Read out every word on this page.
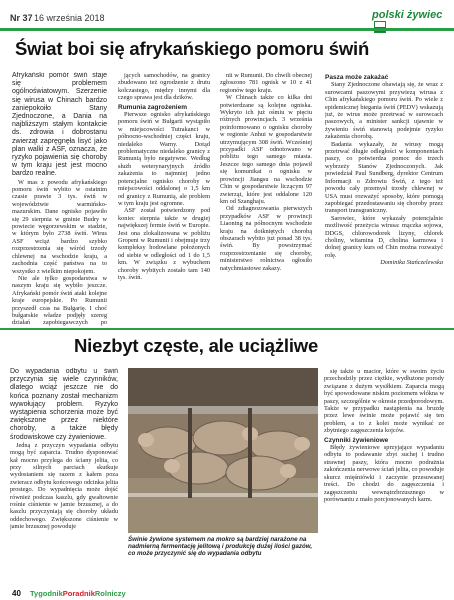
Nr 37 16 września 2018	polski żywiec
Świat boi się afrykańskiego pomoru świń

Afrykański pomór świń staje się problemem ogólnoświatowym. Szerzenie się wirusa w Chinach bardzo zaniepokoiło Stany Zjednoczone, a Dania na najbliższym stałym kontakcie ds. zdrowia i dobrostanu zwierząt zapręgnęła lisyć jako plan walki z ASF, oznacza, że ryzyko pojawienia się choroby w tym kraju jest jest mocno bardzo realne.

W mas z powodu afrykańskiego pomoru świń wybito w ostatnim czasie prawie 3 tys. świń w województwie warmińsko-mazurskim. Dane ognisko pojawiło się 29 sierpnia w gminie Budry w powiecie węgorzewskim w stadzie, w którym było 2738 świń. Wirus ASF wciąż bardzo szybko rozprzestrzenia się wśród trzody chlewnej na wschodzie kraju, a zachodnia część państwa na to wszystko z wielkim niepokojem.

Nie ale tylko gospodarstwa w naszym kraju się wybiło jeszcze. Afrykański pomór świń ataki kolejne kraje europejskie. Po Rumunii przyszedł czas na Bułgarię. I choć bułgarskie władze podjęły szereg działań zapobiegawczych po

jących samochodów, na granicy zbudowano też ogrodzenie z drutu kolczastego, między innymi dla czego sprawa jest dla dzików.

Rumunia zagrożeniem

Pierwsze ognisko afrykańskiego pomoru świń w Bułgarii wystąpiło w miejscowości Tutrakanci w północno-wschodniej części kraju, niedaleko Warny. Dotąd problematyczne niedaleko granicy z Rumunią było negatywne. Według służb weterynaryjnych źródło zakażenia to najmniej jedno potencjalne ognisko choroby w miejscowości oddalonej o 1,5 km od granicy z Rumunią, ale problem w tym kraju jest ogromne.

ASF został potwierdzony pod koniec sierpnia także w drugiej największej fermie świń w Europie. Jest ona zlokalizowana w pobliżu Gropeni w Rumunii i obejmuje trzy kompleksy hodowlane położonych od siebie w odległości od 1 do 1,5 km. W związku z wybuchem choroby wybitych zostało tam 140 tys. świń.

nii w Rumunii. Do chwili obecnej zgłoszono 781 ognisk w 10 z 41 regionów tego kraju.

W Chinach także co kilka dni potwierdzane są kolejne ogniska. Wykryto ich już ośmiu w pięciu różnych prowincjach. 3 września poinformowano o ognisku choroby w regionie Anhui w gospodarstwie utrzymującym 308 świń. Wcześniej przypadki ASF odnotowano w pobliżu tego samego miasta. Jeszcze tego samego dnia pojawił się komunikat o ognisku w prowincji Jiangsu na wschodzie Chin w gospodarstwie liczącym 97 zwierząt, które jest oddalone 120 km od Szanghaju.

Od zdiagnozowania pierwszych przypadków ASF w prowincji Liaoning na północnym wschodzie kraju na dotkniętych chorobą obszarach wybito już ponad 38 tys. świń. By powstrzymać rozprzestrzenianie się choroby, ministerstwo rolnictwa ogłosiło natychmiastowe zakazy.

Pasza może zakażać

Stany Zjednoczone obawiają się, że wraz z surowcami paszowymi przywiezą wirusa z Chin afrykańskiego pomoru świń. Po wiele z epidemicznej biegania świń (PEDV) wskazują już, że wirus może przetrwać w surowcach paszowych, a minister sankcji ujawnie w żywieniu świń stanowią podejmie ryzyko zakażenia chorobą.

Badania wykazały, że wirusy mogą przetrwać długie odległości w komponentach paszy, co potwierdza pomoc do trzech wybrzeży Stanów Zjednoczonych. Jak powiedział Paul Sundberg, dyrektor Centrum Informacji o Zdrowiu Świń, z tego też powodu cały przemysł trzody chlewnej w USA musi rozważyć sposoby, które pomogą zapobiegać przedostawaniu się choroby przez transport transgraniczny.

Sarowiec, które wykazały potencjalnie możliwość przeżycia wirusa: mączka sojowa, DDGS, chlorowodorek lizyny, chlorek choliny, witamina D, cholina karmowa i dolnej granicy kurs od Chin można rozważyć rolę.

Dominika Stańczelewska

Niezbyt częste, ale uciążliwe

Do wypadania odbytu u świń przyczynia się wiele czynników, dlatego wciąż jeszcze nie do końca poznany został mechanizm wywołujący problem. Ryzyko wystąpienia schorzenia może być zwiększone przez niektóre choroby, a także błędy środowiskowe czy żywieniowe.

Jedną z przyczyn wypadania odbytu mogą być zaparcia. Trudno dysponować kał mocno przylega do ściany jelita, co przy silnych parciach skutkuje wydostaniem się razem z kałem poza zwieracz odbytu końcowego odcinka jelita prostego. Do wypadnięcia może dojść również podczas kaszlu, gdy gwałtownie rośnie ciśnienie w jamie brzusznej, a do kaszlu przyczyniają się choroby układu oddechowego. Zwiększone ciśnienie w jamie brzusznej powoduje

Świnie żywione systemem na mokro są bardziej narażone na nadmierną fermentację jelitową i produkcję dużej ilości gazów, co może przyczynić się do wypadania odbytu

się także u macior, które w swoim życiu przechodziły przez ciężkie, wydłużone porody związane z dużym wysiłkiem. Zaparcia mogą być spowodowane niskim poziomem włókna w paszy, szczególnie w okresie przedporodowym. Także w przypadku nastąpienia na bruzdę przez lewe świnie może pojawić się ten problem, a to z kolei może wynikać ze zbytniego zagęszczenia kojców.

Czynniki żywieniowe

Błędy żywieniowe sprzyjające wypadaniu odbytu to podawanie zbyt suchej i trudno strawnej paszy, która mocno podrażnia zakończenia nerwowe ściań jelita, co powoduje skurcz mięśniówki i zaczynie przesuwanej treści. Do chodzi do zagęszczenia i zagęszczeniu wewnątrzbrzusznego w porównaniu z mało porcjonowanych karm.

40 TygodnikPoradnikRolniczy
